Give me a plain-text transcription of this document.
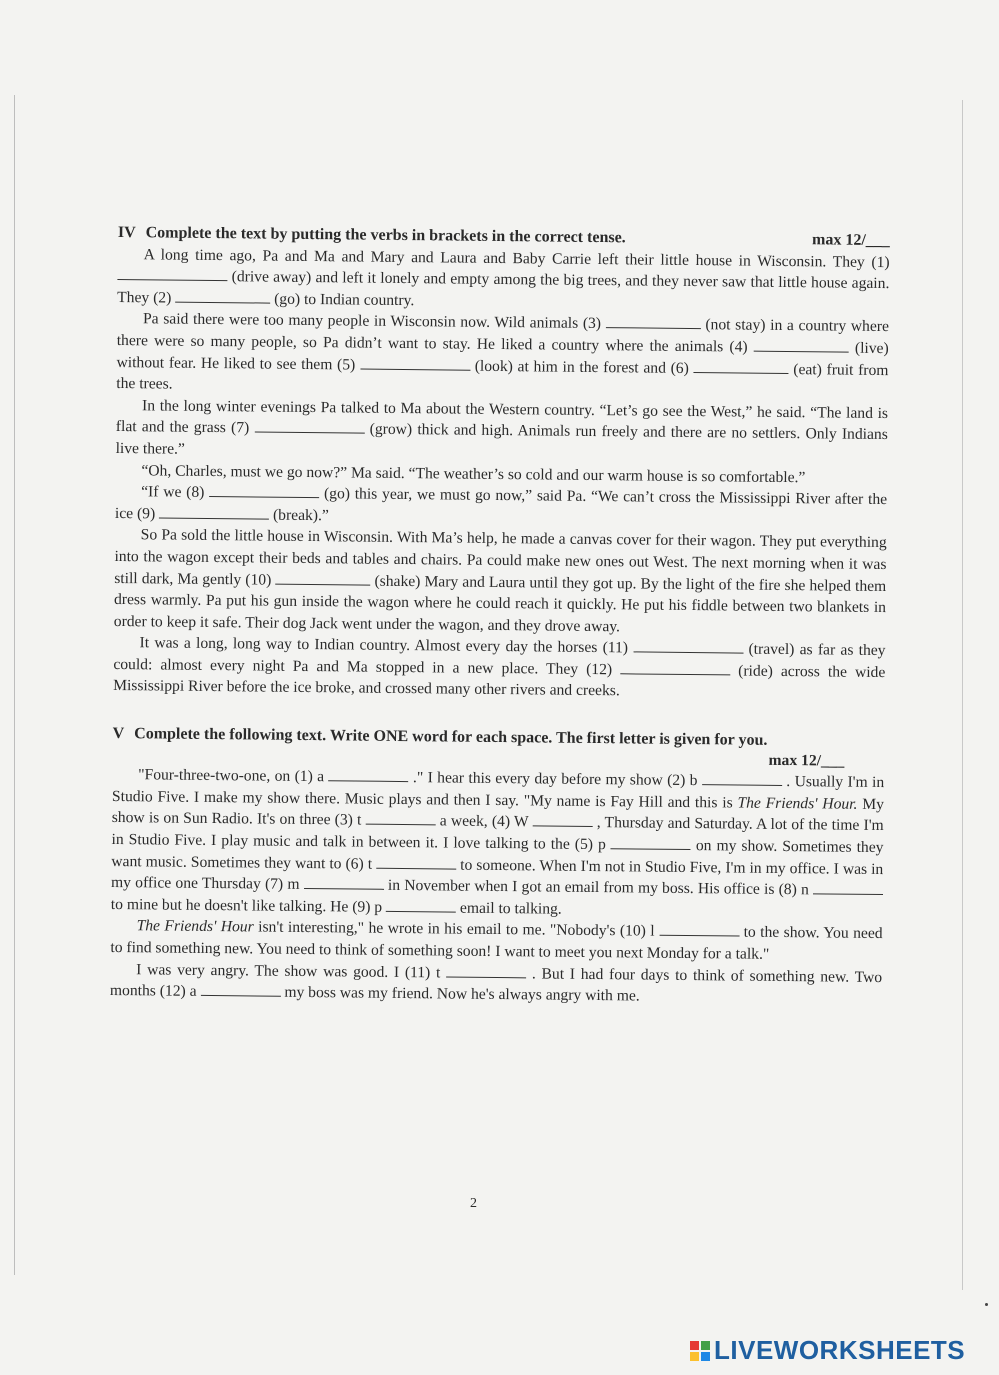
IV Complete the text by putting the verbs in brackets in the correct tense.	max 12/___

A long time ago, Pa and Ma and Mary and Laura and Baby Carrie left their little house in Wisconsin. They (1)  (drive away) and left it lonely and empty among the big trees, and they never saw that little house again. They (2)	(go) to Indian country.

Pa said there were too many people in Wisconsin now. Wild animals (3)	(not stay) in a country where there were so many people, so Pa didn’t want to stay. He liked a country where the animals (4)	(live) without fear. He liked to see them (5)	(look) at him in the forest and (6)	(eat) fruit from the trees.

In the long winter evenings Pa talked to Ma about the Western country. “Let’s go see the West,” he said. “The land is flat and the grass (7)	(grow) thick and high. Animals run freely and there are no settlers. Only Indians live there.”

“Oh, Charles, must we go now?” Ma said. “The weather’s so cold and our warm house is so comfortable.”

“If we (8)	(go) this year, we must go now,” said Pa. “We can’t cross the Mississippi River after the ice (9)	(break).”

So Pa sold the little house in Wisconsin. With Ma’s help, he made a canvas cover for their wagon. They put everything into the wagon except their beds and tables and chairs. Pa could make new ones out West. The next morning when it was still dark, Ma gently (10)	(shake) Mary and Laura until they got up. By the light of the fire she helped them dress warmly. Pa put his gun inside the wagon where he could reach it quickly. He put his fiddle between two blankets in order to keep it safe. Their dog Jack went under the wagon, and they drove away.

It was a long, long way to Indian country. Almost every day the horses (11)	(travel) as far as they could: almost every night Pa and Ma stopped in a new place. They (12)	(ride) across the wide Mississippi River before the ice broke, and crossed many other rivers and creeks.

V Complete the following text. Write ONE word for each space. The first letter is given for you.
max 12/___

"Four-three-two-one, on (1) a	." I hear this every day before my show (2) b	. Usually I'm in Studio Five. I make my show there. Music plays and then I say. "My name is Fay Hill and this is The Friends' Hour. My show is on Sun Radio. It's on three (3) t	a week, (4) W	, Thursday and Saturday. A lot of the time I'm in Studio Five. I play music and talk in between it. I love talking to the (5) p	on my show. Sometimes they want music. Sometimes they want to (6) t	to someone. When I'm not in Studio Five, I'm in my office. I was in my office one Thursday (7) m	in November when I got an email from my boss. His office is (8) n  to mine but he doesn't like talking. He (9) p	email to talking.

The Friends' Hour isn't interesting," he wrote in his email to me. "Nobody's (10) l	to the show. You need to find something new. You need to think of something soon! I want to meet you next Monday for a talk."

I was very angry. The show was good. I (11) t	. But I had four days to think of something new. Two months (12) a	my boss was my friend. Now he's always angry with me.

2
LIVEWORKSHEETS
